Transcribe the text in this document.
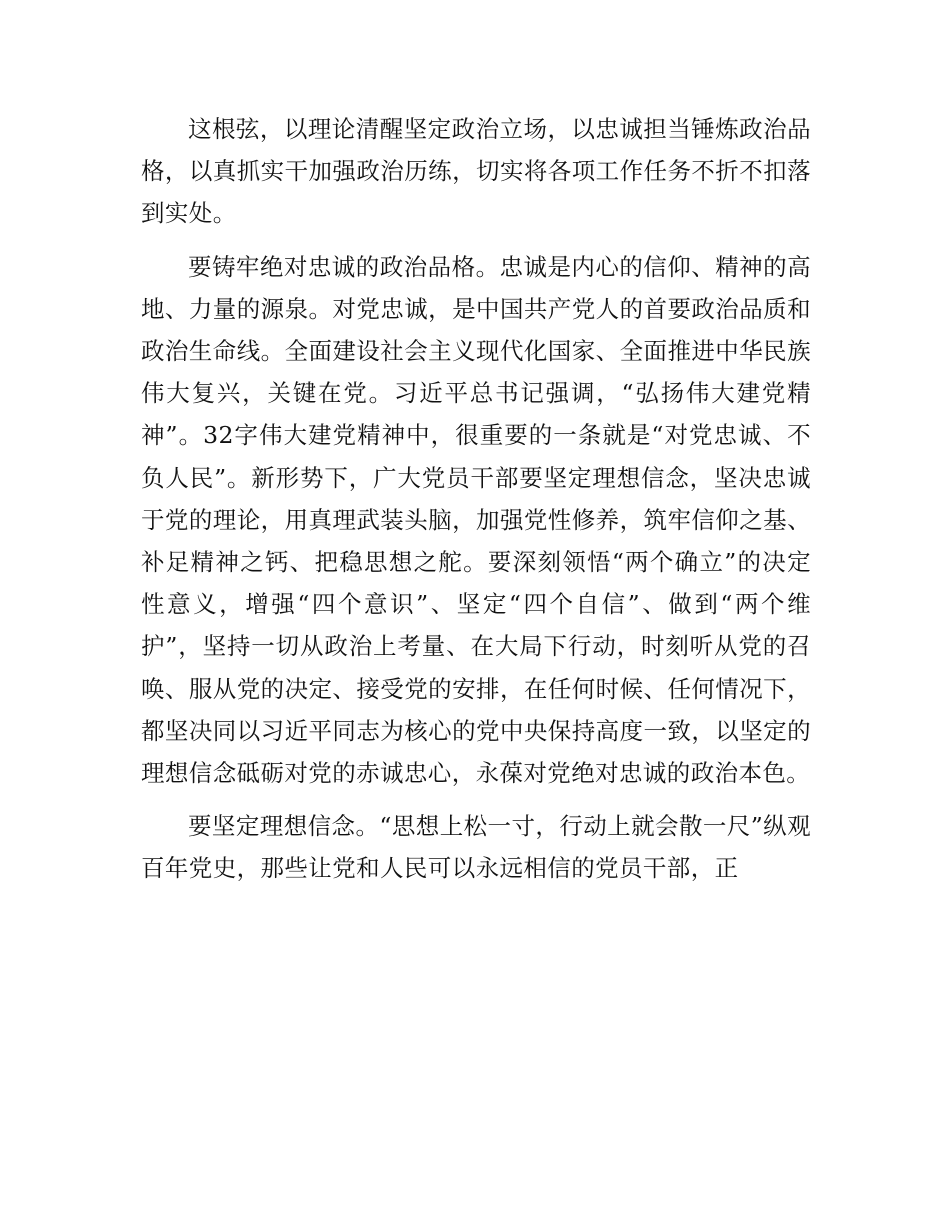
这根弦，以理论清醒坚定政治立场，以忠诚担当锤炼政治品格，以真抓实干加强政治历练，切实将各项工作任务不折不扣落到实处。

要铸牢绝对忠诚的政治品格。忠诚是内心的信仰、精神的高地、力量的源泉。对党忠诚，是中国共产党人的首要政治品质和政治生命线。全面建设社会主义现代化国家、全面推进中华民族伟大复兴，关键在党。习近平总书记强调，“弘扬伟大建党精神”。32字伟大建党精神中，很重要的一条就是“对党忠诚、不负人民”。新形势下，广大党员干部要坚定理想信念，坚决忠诚于党的理论，用真理武装头脑，加强党性修养，筑牢信仰之基、补足精神之钙、把稳思想之舵。要深刻领悟“两个确立”的决定性意义，增强“四个意识”、坚定“四个自信”、做到“两个维护”，坚持一切从政治上考量、在大局下行动，时刻听从党的召唤、服从党的决定、接受党的安排，在任何时候、任何情况下，都坚决同以习近平同志为核心的党中央保持高度一致，以坚定的理想信念砥砺对党的赤诚忠心，永葆对党绝对忠诚的政治本色。

要坚定理想信念。“思想上松一寸，行动上就会散一尺”纵观百年党史，那些让党和人民可以永远相信的党员干部，正
